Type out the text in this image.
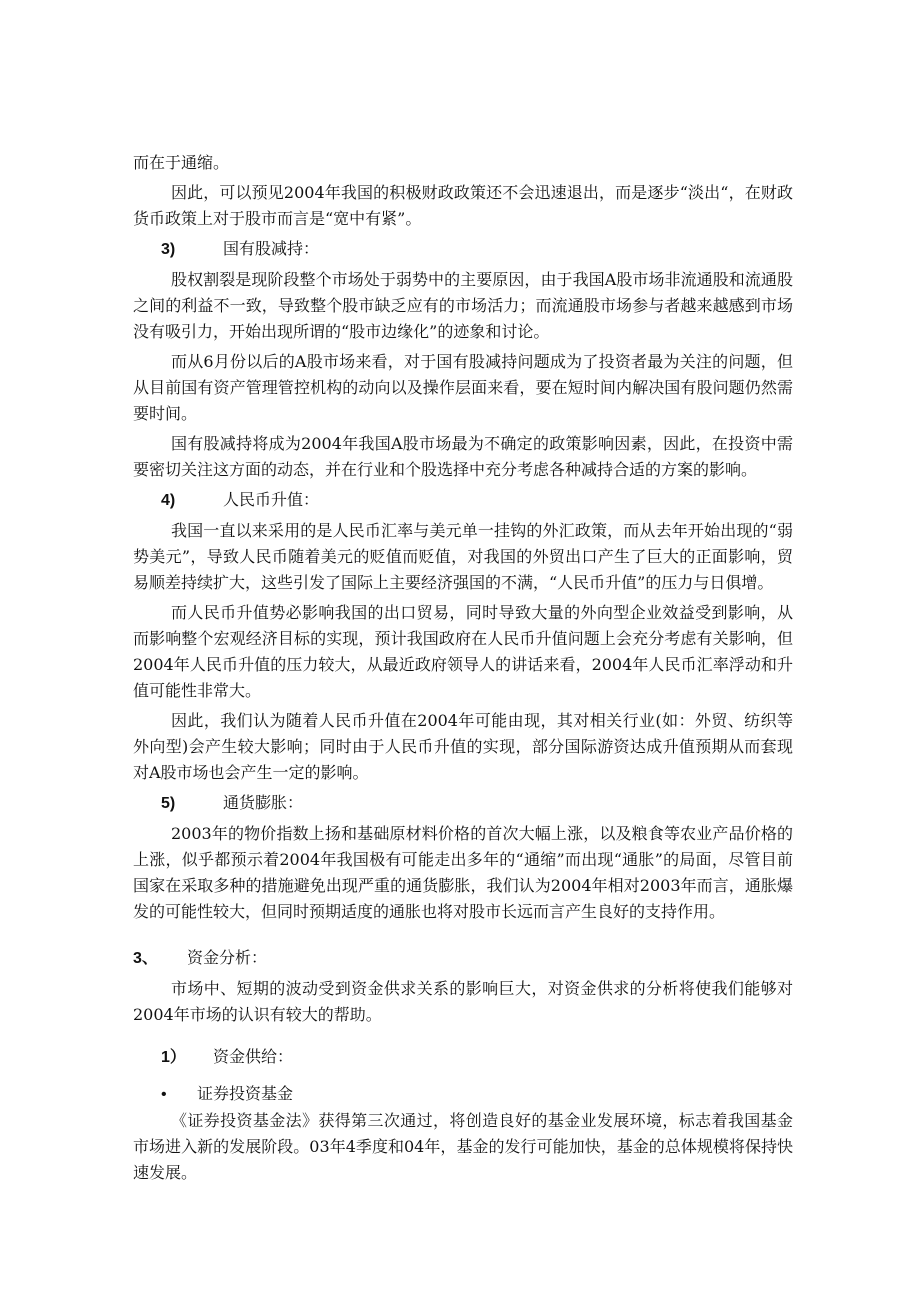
而在于通缩。

因此，可以预见2004年我国的积极财政政策还不会迅速退出，而是逐步“淡出“，在财政货币政策上对于股市而言是“宽中有紧”。

3)	国有股减持：

股权割裂是现阶段整个市场处于弱势中的主要原因，由于我国A股市场非流通股和流通股之间的利益不一致，导致整个股市缺乏应有的市场活力；而流通股市场参与者越来越感到市场没有吸引力，开始出现所谓的“股市边缘化”的迹象和讨论。

而从6月份以后的A股市场来看，对于国有股减持问题成为了投资者最为关注的问题，但从目前国有资产管理管控机构的动向以及操作层面来看，要在短时间内解决国有股问题仍然需要时间。

国有股减持将成为2004年我国A股市场最为不确定的政策影响因素，因此，在投资中需要密切关注这方面的动态，并在行业和个股选择中充分考虑各种减持合适的方案的影响。

4)	人民币升值：

我国一直以来采用的是人民币汇率与美元单一挂钩的外汇政策，而从去年开始出现的“弱势美元”，导致人民币随着美元的贬值而贬值，对我国的外贸出口产生了巨大的正面影响，贸易顺差持续扩大，这些引发了国际上主要经济强国的不满，“人民币升值”的压力与日俱增。

而人民币升值势必影响我国的出口贸易，同时导致大量的外向型企业效益受到影响，从而影响整个宏观经济目标的实现，预计我国政府在人民币升值问题上会充分考虑有关影响，但2004年人民币升值的压力较大，从最近政府领导人的讲话来看，2004年人民币汇率浮动和升值可能性非常大。

因此，我们认为随着人民币升值在2004年可能由现，其对相关行业(如：外贸、纺织等外向型)会产生较大影响；同时由于人民币升值的实现，部分国际游资达成升值预期从而套现对A股市场也会产生一定的影响。

5)	通货膨胀：

2003年的物价指数上扬和基础原材料价格的首次大幅上涨，以及粮食等农业产品价格的上涨，似乎都预示着2004年我国极有可能走出多年的“通缩”而出现“通胀”的局面，尽管目前国家在采取多种的措施避免出现严重的通货膨胀，我们认为2004年相对2003年而言，通胀爆发的可能性较大，但同时预期适度的通胀也将对股市长远而言产生良好的支持作用。

3、 资金分析：

市场中、短期的波动受到资金供求关系的影响巨大，对资金供求的分析将使我们能够对2004年市场的认识有较大的帮助。

1） 资金供给：
• 证券投资基金

《证券投资基金法》获得第三次通过，将创造良好的基金业发展环境，标志着我国基金市场进入新的发展阶段。03年4季度和04年，基金的发行可能加快，基金的总体规模将保持快速发展。
